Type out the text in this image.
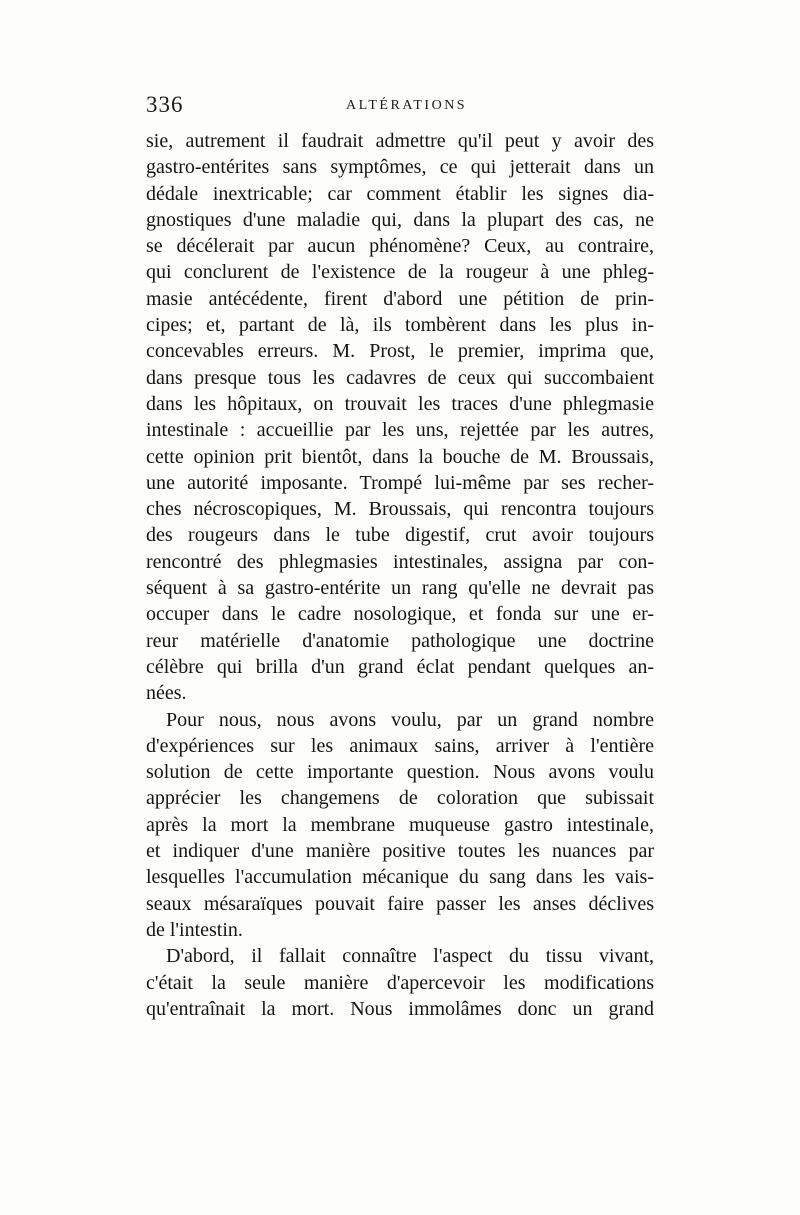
336	ALTÉRATIONS
sie, autrement il faudrait admettre qu'il peut y avoir des
gastro-entérites sans symptômes, ce qui jetterait dans un
dédale inextricable; car comment établir les signes dia-
gnostiques d'une maladie qui, dans la plupart des cas, ne
se décélerait par aucun phénomène? Ceux, au contraire,
qui conclurent de l'existence de la rougeur à une phleg-
masie antécédente, firent d'abord une pétition de prin-
cipes; et, partant de là, ils tombèrent dans les plus in-
concevables erreurs. M. Prost, le premier, imprima que,
dans presque tous les cadavres de ceux qui succombaient
dans les hôpitaux, on trouvait les traces d'une phlegmasie
intestinale : accueillie par les uns, rejettée par les autres,
cette opinion prit bientôt, dans la bouche de M. Broussais,
une autorité imposante. Trompé lui-même par ses recher-
ches nécroscopiques, M. Broussais, qui rencontra toujours
des rougeurs dans le tube digestif, crut avoir toujours
rencontré des phlegmasies intestinales, assigna par con-
séquent à sa gastro-entérite un rang qu'elle ne devrait pas
occuper dans le cadre nosologique, et fonda sur une er-
reur matérielle d'anatomie pathologique une doctrine
célèbre qui brilla d'un grand éclat pendant quelques an-
nées.
Pour nous, nous avons voulu, par un grand nombre
d'expériences sur les animaux sains, arriver à l'entière
solution de cette importante question. Nous avons voulu
apprécier les changemens de coloration que subissait
après la mort la membrane muqueuse gastro intestinale,
et indiquer d'une manière positive toutes les nuances par
lesquelles l'accumulation mécanique du sang dans les vais-
seaux mésaraïques pouvait faire passer les anses déclives
de l'intestin.
D'abord, il fallait connaître l'aspect du tissu vivant,
c'était la seule manière d'apercevoir les modifications
qu'entraînait la mort. Nous immolâmes donc un grand
